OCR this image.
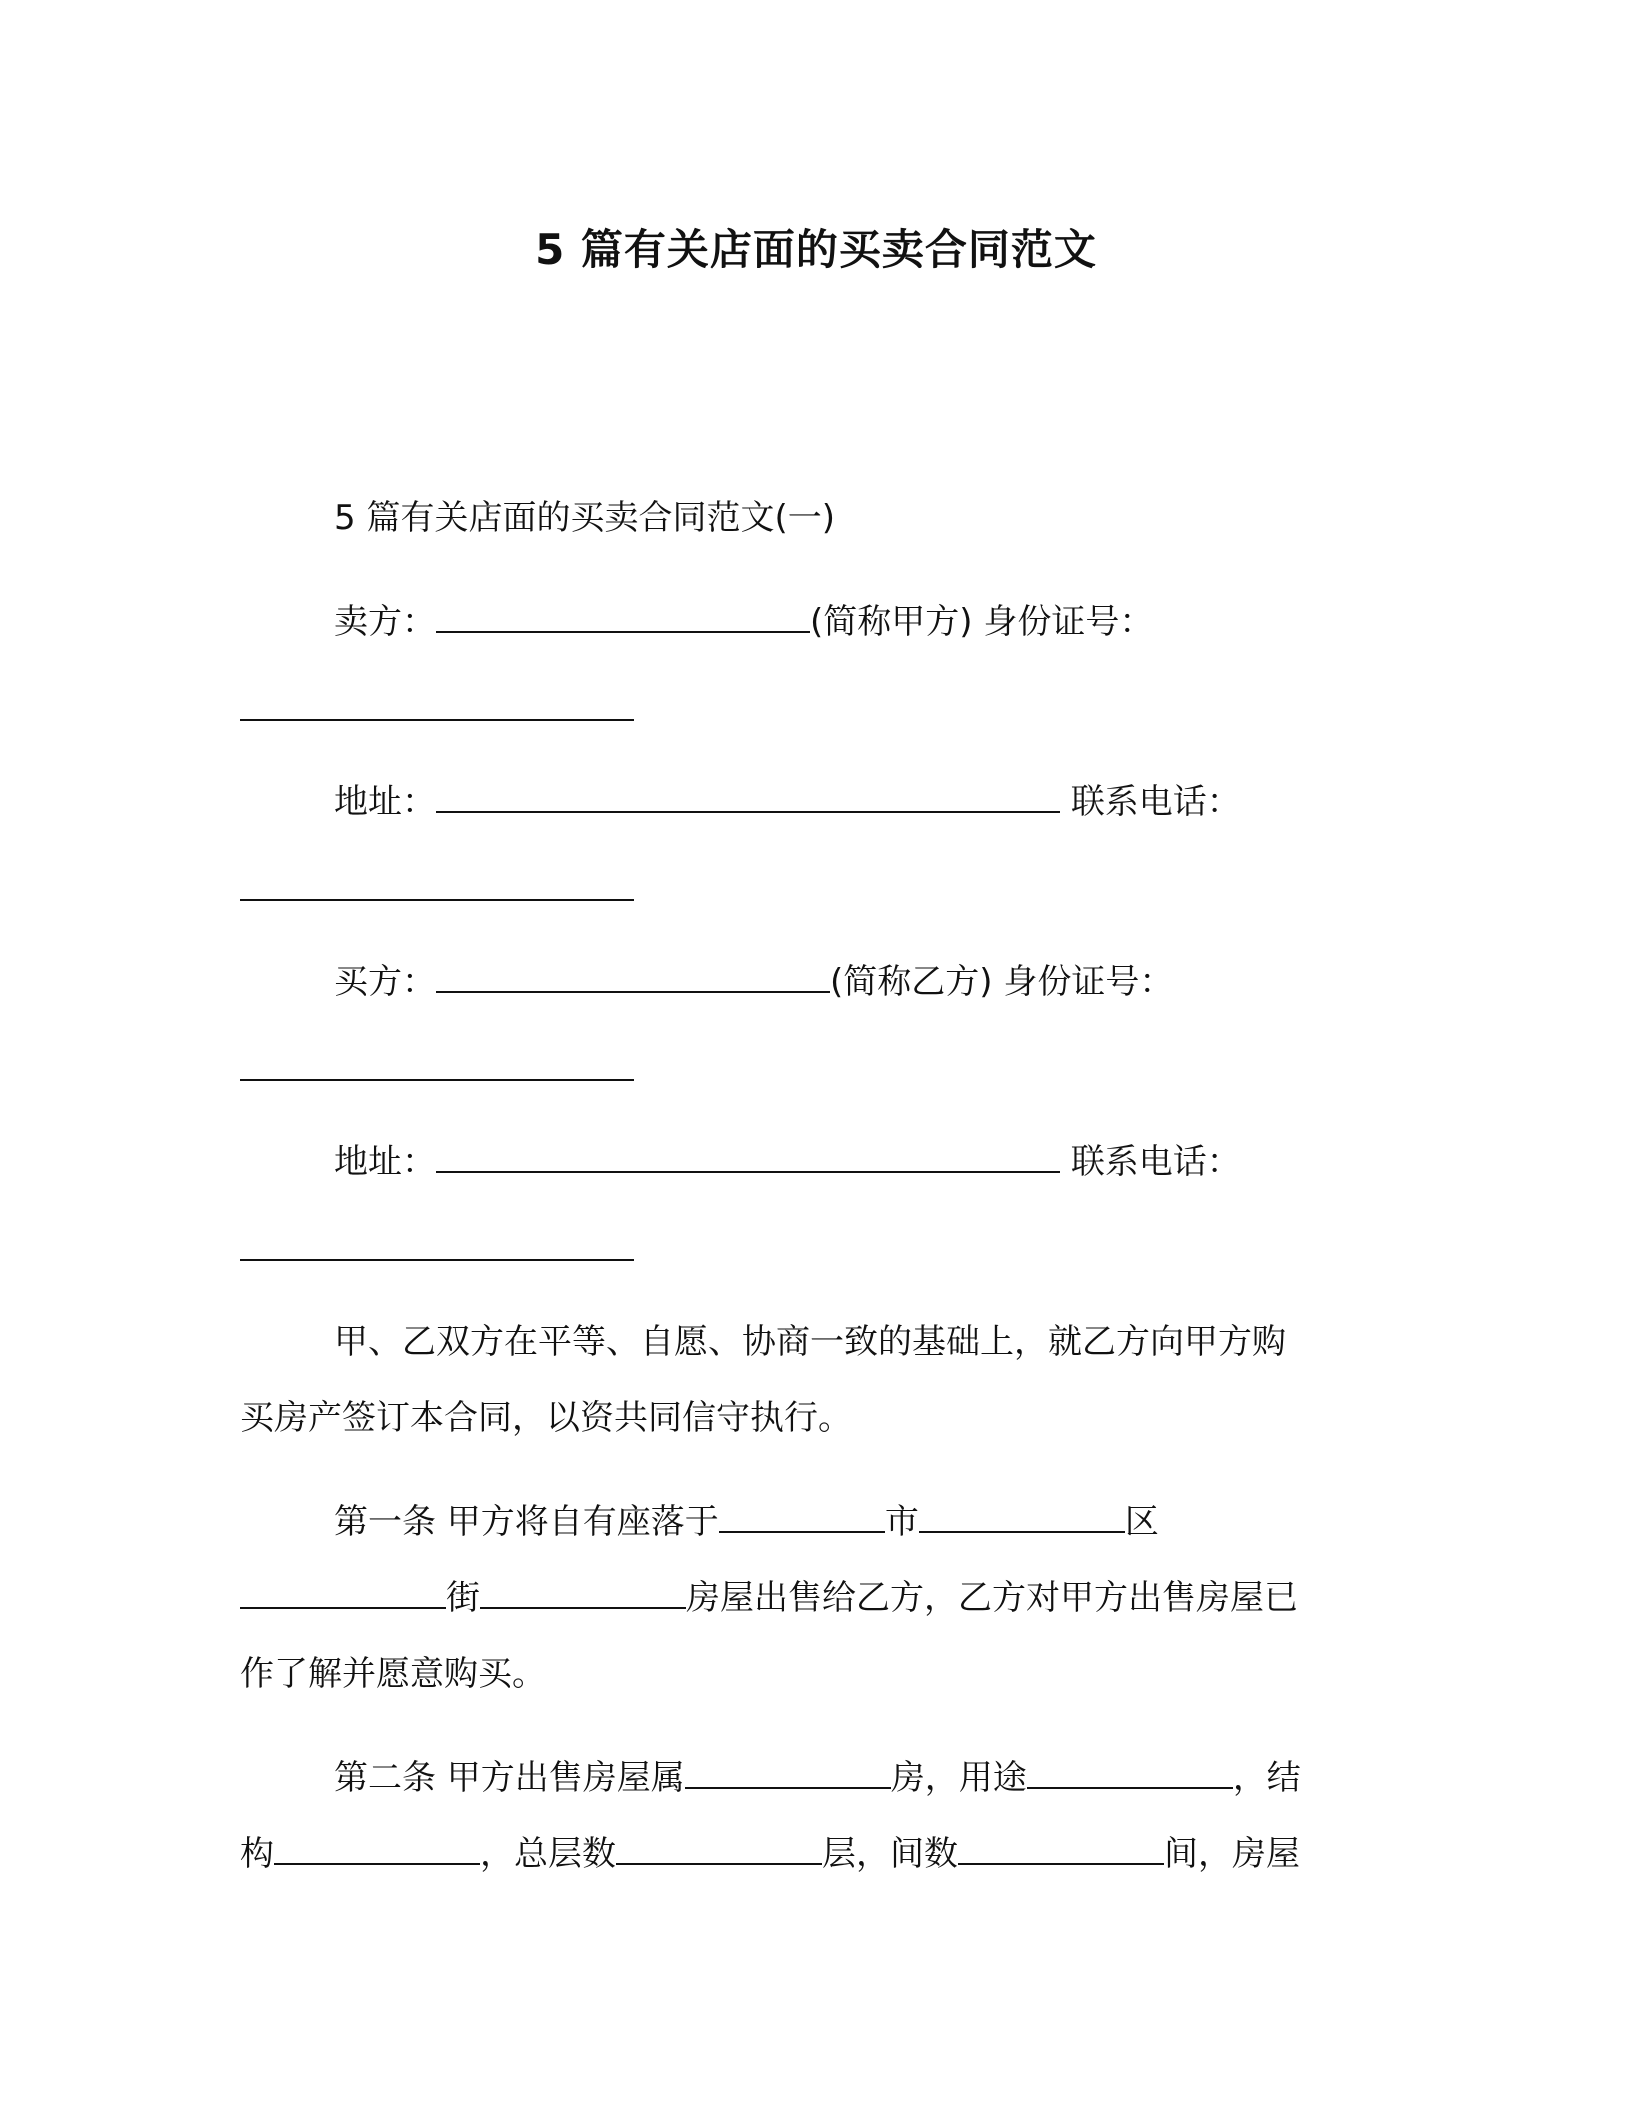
5 篇有关店面的买卖合同范文
5 篇有关店面的买卖合同范文(一)
卖方：	(简称甲方) 身份证号：
地址：	联系电话：
买方：	(简称乙方) 身份证号：
地址：	联系电话：
甲、乙双方在平等、自愿、协商一致的基础上，就乙方向甲方购
买房产签订本合同，以资共同信守执行。
第一条 甲方将自有座落于	市	区
街	房屋出售给乙方，乙方对甲方出售房屋已
作了解并愿意购买。
第二条 甲方出售房屋属	房，用途	，结
构	，总层数	层，间数	间，房屋
